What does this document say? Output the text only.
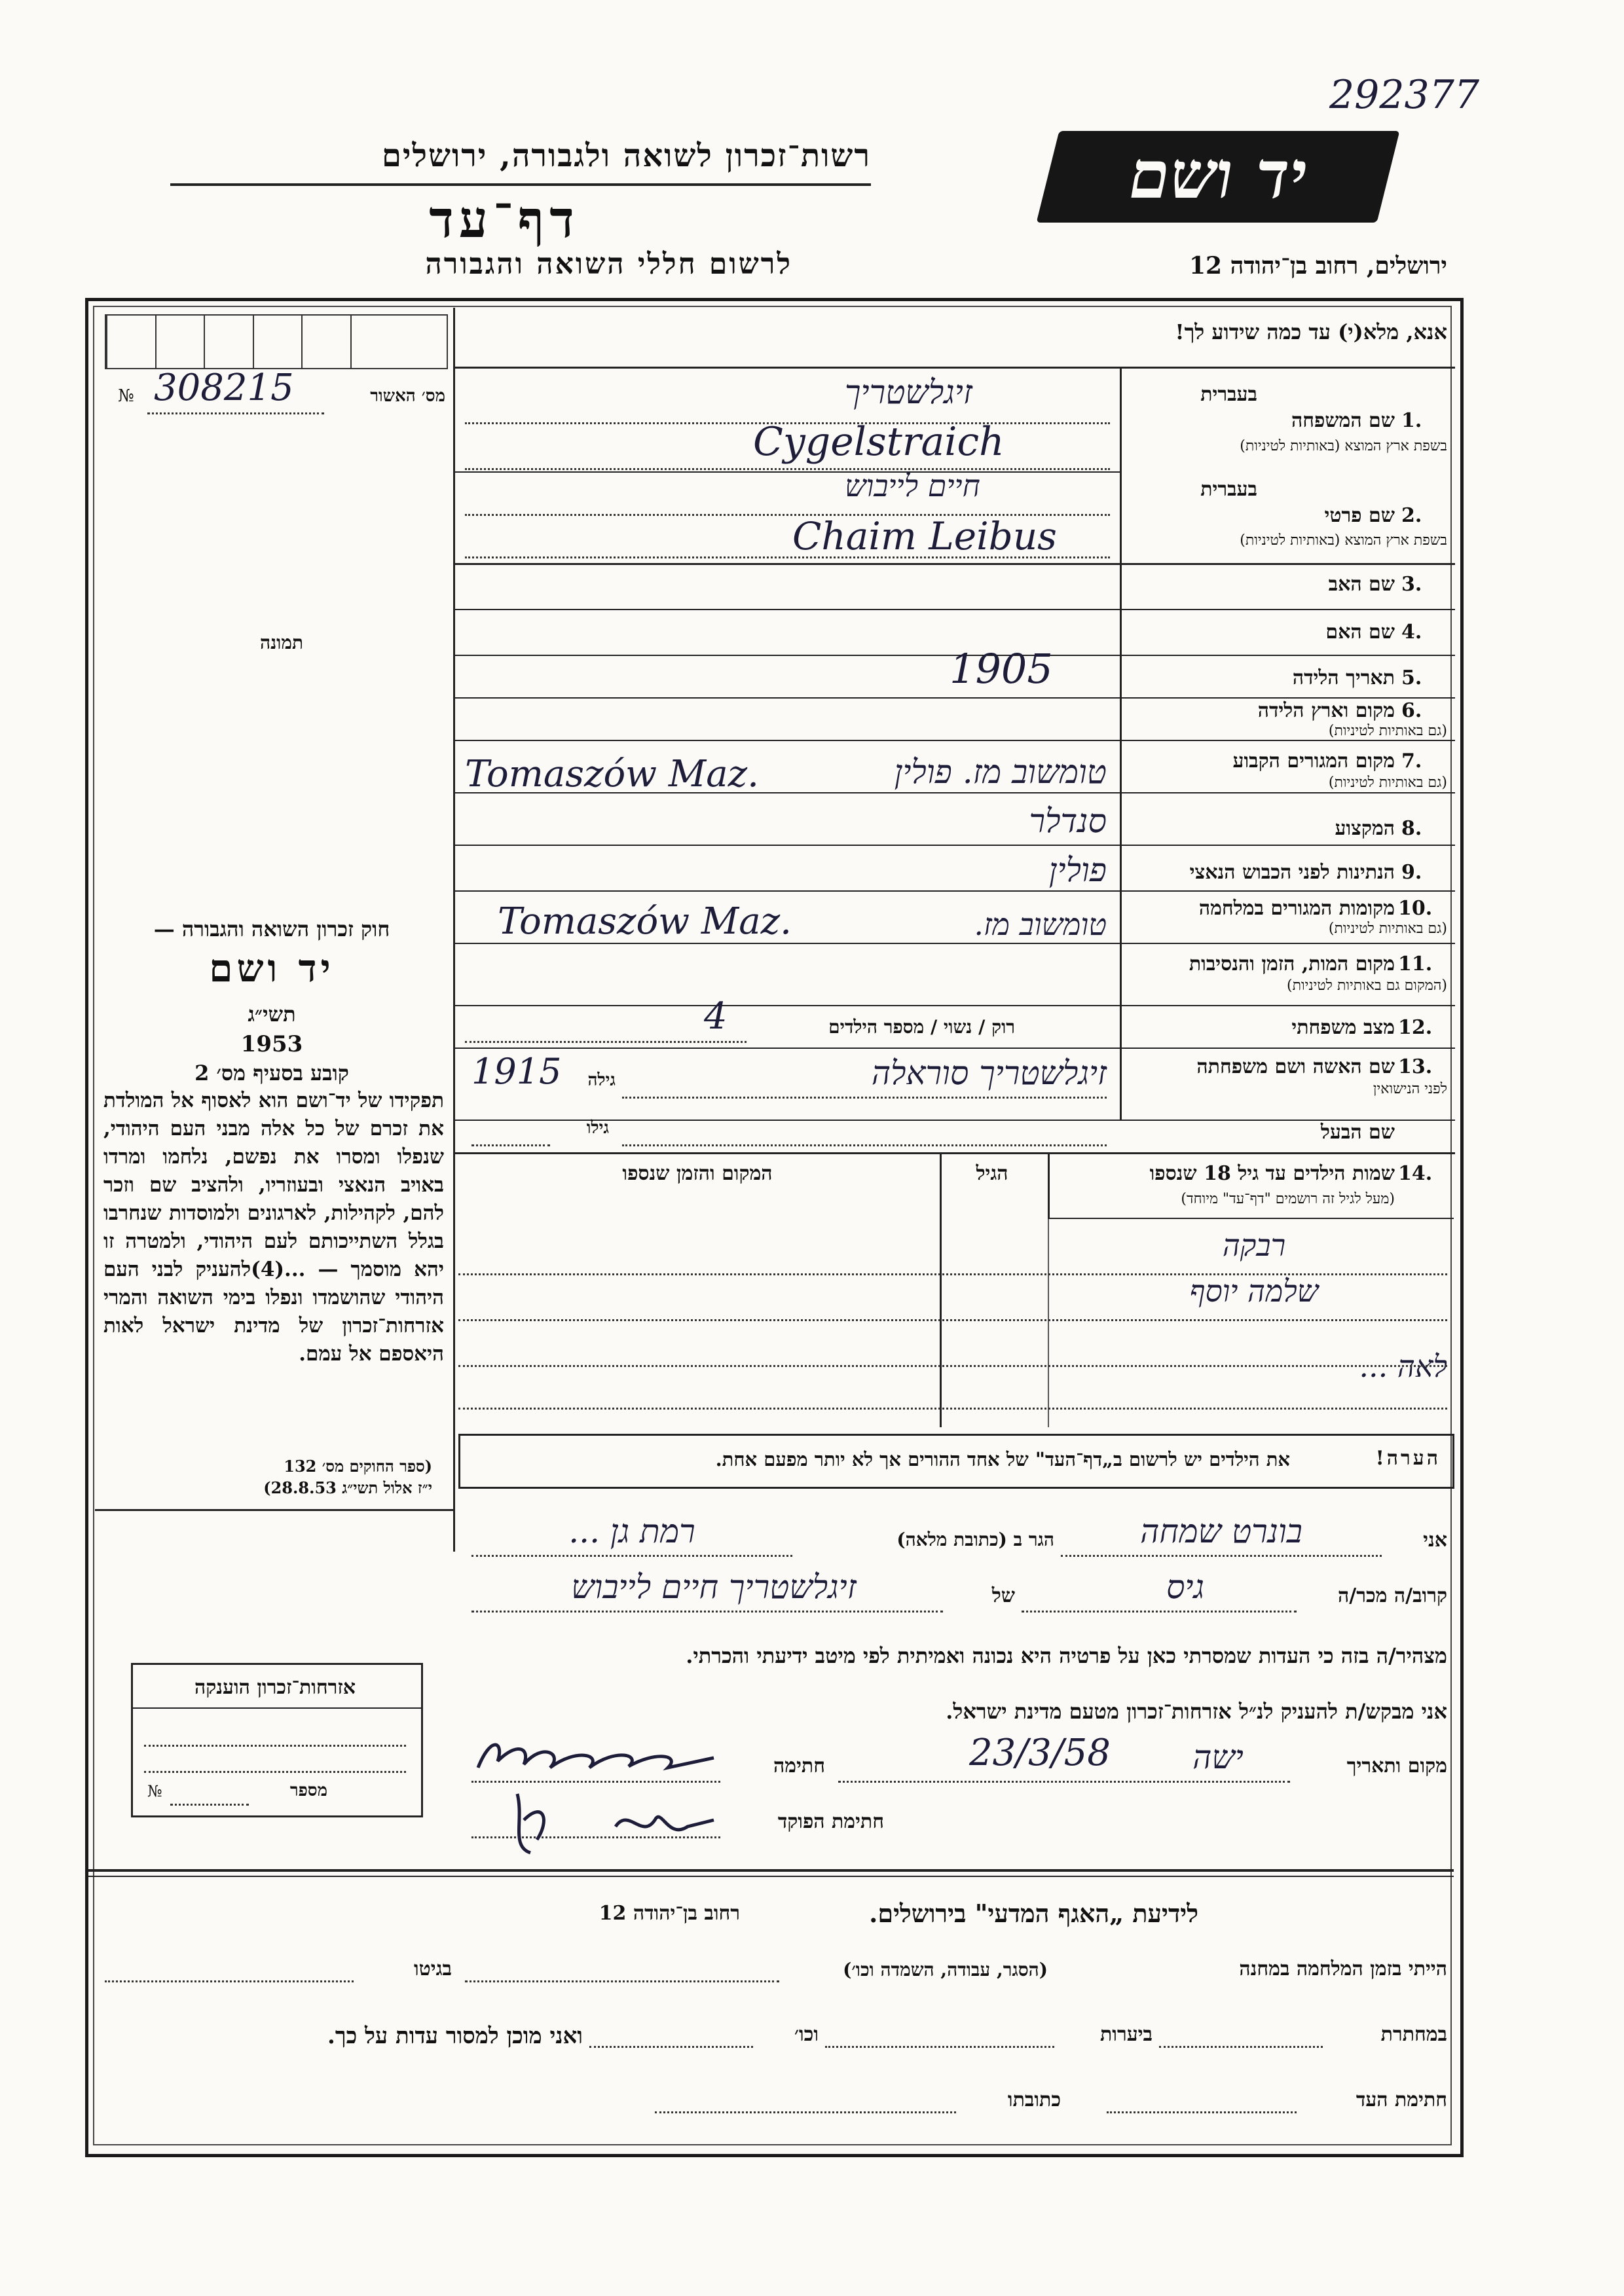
292377
יד ושם
רשות־זכרון לשואה ולגבורה, ירושלים
דף־עד
לרשום חללי השואה והגבורה	ירושלים, רחוב בן־יהודה 12
אנא, מלא(י) עד כמה שידוע לך!
№ 308215	מס׳ האשור
תמונה
בעברית
1.
שם המשפחה
בשפת ארץ המוצא (באותיות לטיניות)
זיגלשטריך
Cygelstraich
בעברית
2.
שם פרטי
בשפת ארץ המוצא (באותיות לטיניות)
חיים לייבוש
Chaim Leibus
3.
שם האב
4.
שם האם
5.
תאריך הלידה
1905
6.
מקום וארץ הלידה
(גם באותיות לטיניות)
7.
מקום המגורים הקבוע
(גם באותיות לטיניות)
Tomaszów Maz.	טומשוב מז. פולין
8.
המקצוע
סנדלר
9.
הנתינות לפני הכבוש הנאצי
פולין
10.
מקומות המגורים במלחמה
(גם באותיות לטיניות)
Tomaszów Maz.	טומשוב מז.
11.
מקום המות, הזמן והנסיבות
(המקום גם באותיות לטיניות)
12.
מצב משפחתי
רוק / נשוי / מספר הילדים
4
13.
שם האשה ושם משפחתה
לפני הנישואין
זיגלשטריך סוראלה
גילה
1915
שם הבעל
גילו
14.
שמות הילדים עד גיל 18 שנספו
(מעל לגיל זה רושמים "דף־עד" מיוחד)
הגיל
המקום והזמן שנספו
רבקה
שלמה יוסף
לאה ...
הערה!
את הילדים יש לרשום ב„דף־העד" של אחד ההורים אך לא יותר מפעם אחת.
חוק זכרון השואה והגבורה —
יד ושם
תשי״ג
1953
קובע בסעיף מס׳ 2
תפקידו של יד־ושם הוא לאסוף אל המולדת את זכרם של כל אלה מבני העם היהודי, שנפלו ומסרו את נפשם, נלחמו ומרדו באויב הנאצי ובעוזריו, ולהציב שם וזכר להם, לקהילות, לארגונים ולמוסדות שנחרבו בגלל השתייכותם לעם היהודי, ולמטרה זו יהא מוסמך — ...(4)להעניק לבני העם היהודי שהושמדו ונפלו בימי השואה והמרי אזרחות־זכרון של מדינת ישראל לאות היאספם אל עמם.
(ספר החוקים מס׳ 132
י״ז אלול תשי״ג 28.8.53)
אני
בונרט שמחה
הגר ב (כתובת מלאה)
רמת גן ...
קרוב/ה מכר/ה
גיס
של
זיגלשטריך חיים לייבוש
מצהיר/ה בזה כי העדות שמסרתי כאן על פרטיה היא נכונה ואמיתית לפי מיטב ידיעתי והכרתי.
אני מבקש/ת להעניק לנ״ל אזרחות־זכרון מטעם מדינת ישראל.
מקום ותאריך
ישה
23/3/58
חתימה
חתימת הפוקד
אזרחות־זכרון הוענקה
מספר
№
לידיעת „האגף המדעי" בירושלים.
רחוב בן־יהודה 12
הייתי בזמן המלחמה במחנה
(הסגר, עבודה, השמדה וכו׳)
בגיטו
במחתרת
ביערות
וכו׳
ואני מוכן למסור עדות על כך.
חתימת העד
כתובתו
